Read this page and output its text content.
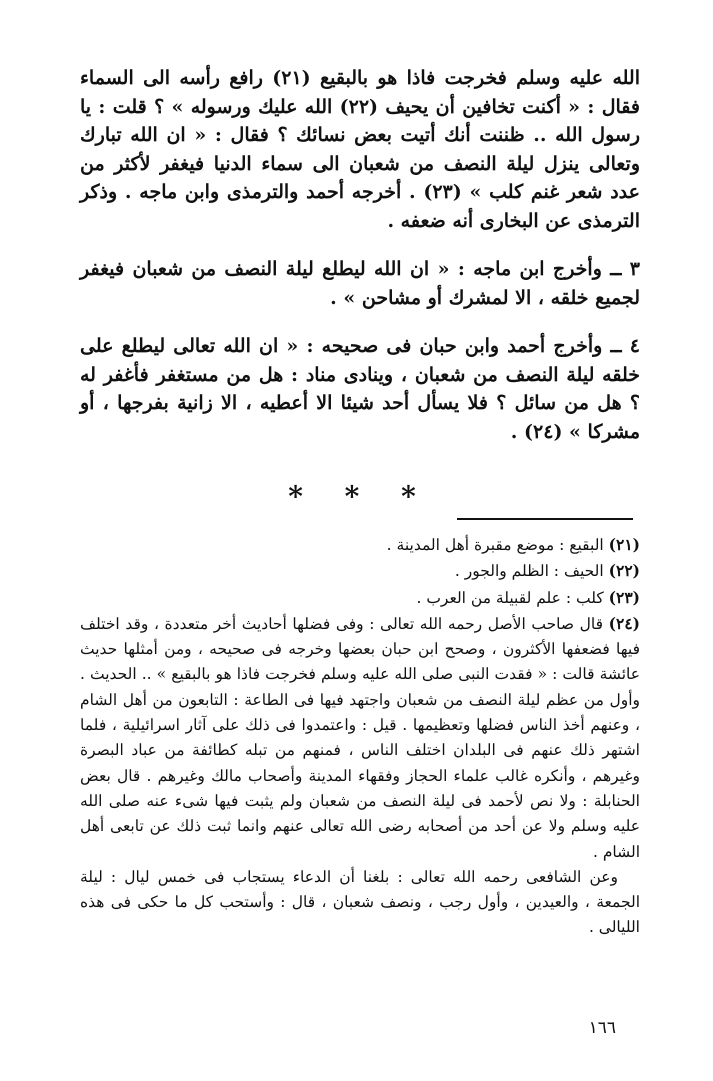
الله عليه وسلم فخرجت فاذا هو بالبقيع (٢١) رافع رأسه الى السماء فقال : « أكنت تخافين أن يحيف (٢٢) الله عليك ورسوله » ؟ قلت : يا رسول الله .. ظننت أنك أتيت بعض نسائك ؟ فقال : « ان الله تبارك وتعالى ينزل ليلة النصف من شعبان الى سماء الدنيا فيغفر لأكثر من عدد شعر غنم كلب » (٢٣) . أخرجه أحمد والترمذى وابن ماجه . وذكر الترمذى عن البخارى أنه ضعفه .

٣ ــ وأخرج ابن ماجه : « ان الله ليطلع ليلة النصف من شعبان فيغفر لجميع خلقه ، الا لمشرك أو مشاحن » .

٤ ــ وأخرج أحمد وابن حبان فى صحيحه : « ان الله تعالى ليطلع على خلقه ليلة النصف من شعبان ، وينادى مناد : هل من مستغفر فأغفر له ؟ هل من سائل ؟ فلا يسأل أحد شيئا الا أعطيه ، الا زانية بفرجها ، أو مشركا » (٢٤) .

* * *

(٢١) البقيع : موضع مقبرة أهل المدينة .

(٢٢) الحيف : الظلم والجور .

(٢٣) كلب : علم لقبيلة من العرب .

(٢٤) قال صاحب الأصل رحمه الله تعالى : وفى فضلها أحاديث أخر متعددة ، وقد اختلف فيها فضعفها الأكثرون ، وصحح ابن حبان بعضها وخرجه فى صحيحه ، ومن أمثلها حديث عائشة قالت : « فقدت النبى صلى الله عليه وسلم فخرجت فاذا هو بالبقيع » .. الحديث . وأول من عظم ليلة النصف من شعبان واجتهد فيها فى الطاعة : التابعون من أهل الشام ، وعنهم أخذ الناس فضلها وتعظيمها . قيل : واعتمدوا فى ذلك على آثار اسرائيلية ، فلما اشتهر ذلك عنهم فى البلدان اختلف الناس ، فمنهم من تبله كطائفة من عباد البصرة وغيرهم ، وأنكره غالب علماء الحجاز وفقهاء المدينة وأصحاب مالك وغيرهم . قال بعض الحنابلة : ولا نص لأحمد فى ليلة النصف من شعبان ولم يثبت فيها شىء عنه صلى الله عليه وسلم ولا عن أحد من أصحابه رضى الله تعالى عنهم وانما ثبت ذلك عن تابعى أهل الشام .

وعن الشافعى رحمه الله تعالى : بلغنا أن الدعاء يستجاب فى خمس ليال : ليلة الجمعة ، والعيدين ، وأول رجب ، ونصف شعبان ، قال : وأستحب كل ما حكى فى هذه الليالى .

١٦٦
